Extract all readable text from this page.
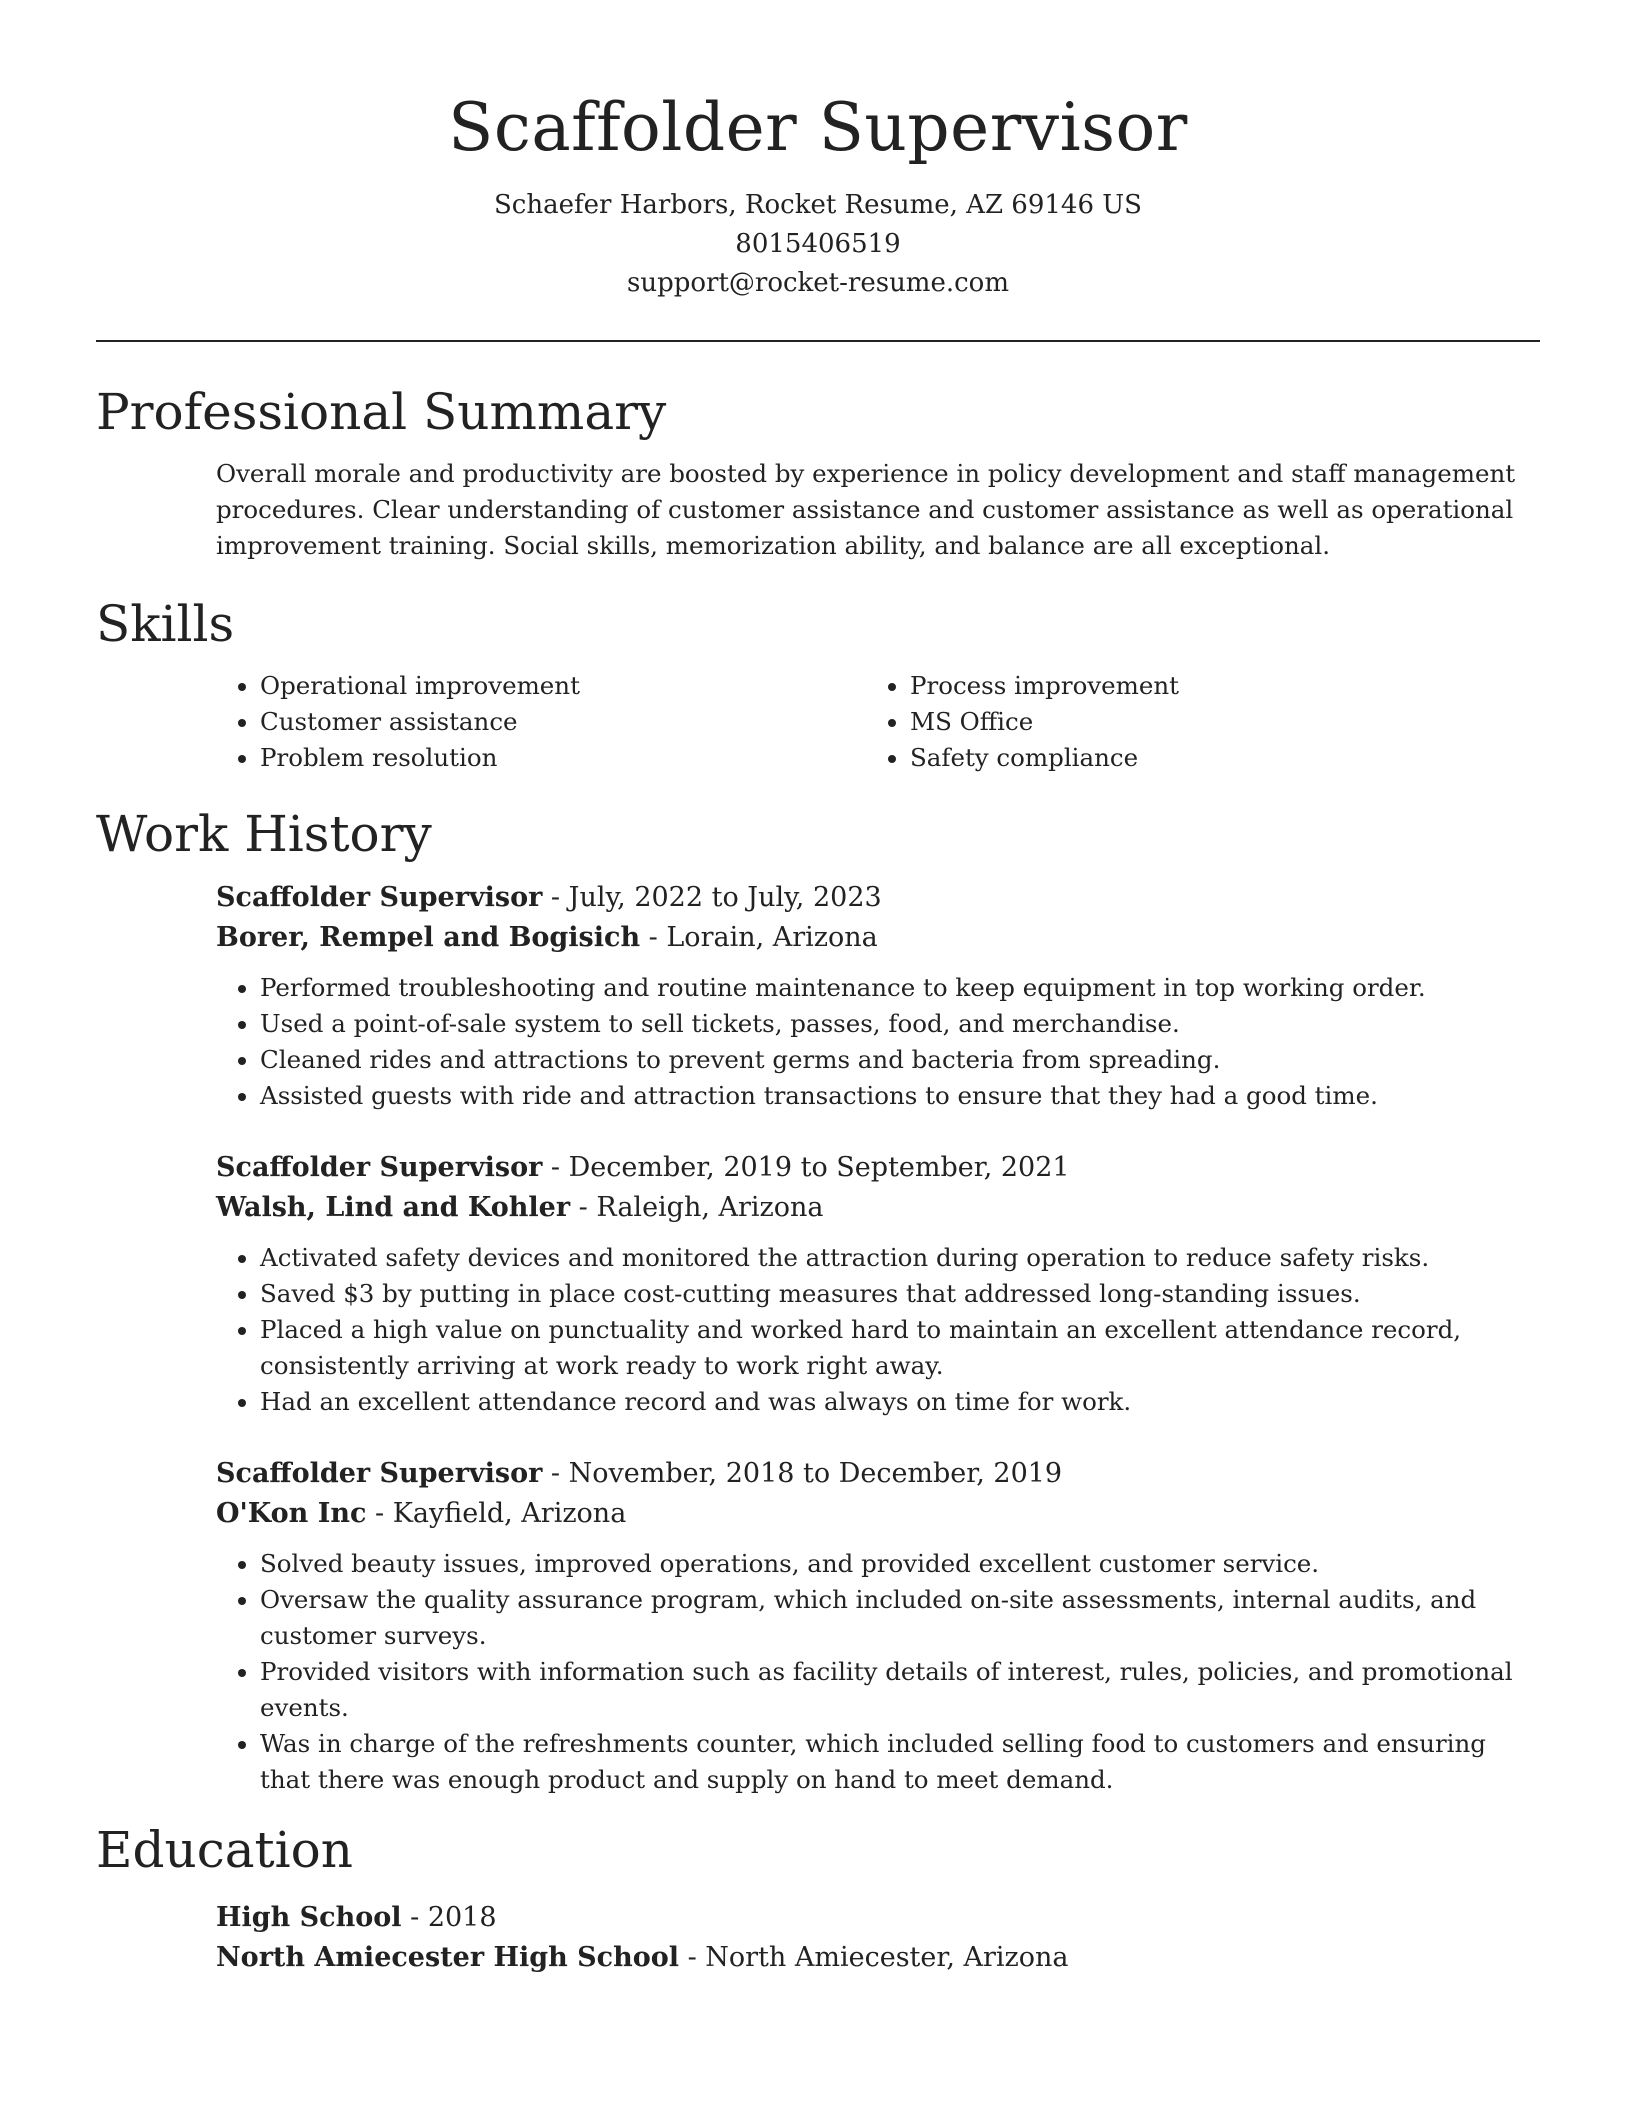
Scaffolder Supervisor
Schaefer Harbors, Rocket Resume, AZ 69146 US
8015406519
support@rocket-resume.com
Professional Summary
Overall morale and productivity are boosted by experience in policy development and staff management procedures. Clear understanding of customer assistance and customer assistance as well as operational improvement training. Social skills, memorization ability, and balance are all exceptional.
Skills
• Operational improvement
• Customer assistance
• Problem resolution
• Process improvement
• MS Office
• Safety compliance
Work History
Scaffolder Supervisor - July, 2022 to July, 2023
Borer, Rempel and Bogisich - Lorain, Arizona
• Performed troubleshooting and routine maintenance to keep equipment in top working order.
• Used a point-of-sale system to sell tickets, passes, food, and merchandise.
• Cleaned rides and attractions to prevent germs and bacteria from spreading.
• Assisted guests with ride and attraction transactions to ensure that they had a good time.
Scaffolder Supervisor - December, 2019 to September, 2021
Walsh, Lind and Kohler - Raleigh, Arizona
• Activated safety devices and monitored the attraction during operation to reduce safety risks.
• Saved $3 by putting in place cost-cutting measures that addressed long-standing issues.
• Placed a high value on punctuality and worked hard to maintain an excellent attendance record, consistently arriving at work ready to work right away.
• Had an excellent attendance record and was always on time for work.
Scaffolder Supervisor - November, 2018 to December, 2019
O'Kon Inc - Kayfield, Arizona
• Solved beauty issues, improved operations, and provided excellent customer service.
• Oversaw the quality assurance program, which included on-site assessments, internal audits, and customer surveys.
• Provided visitors with information such as facility details of interest, rules, policies, and promotional events.
• Was in charge of the refreshments counter, which included selling food to customers and ensuring that there was enough product and supply on hand to meet demand.
Education
High School - 2018
North Amiecester High School - North Amiecester, Arizona
